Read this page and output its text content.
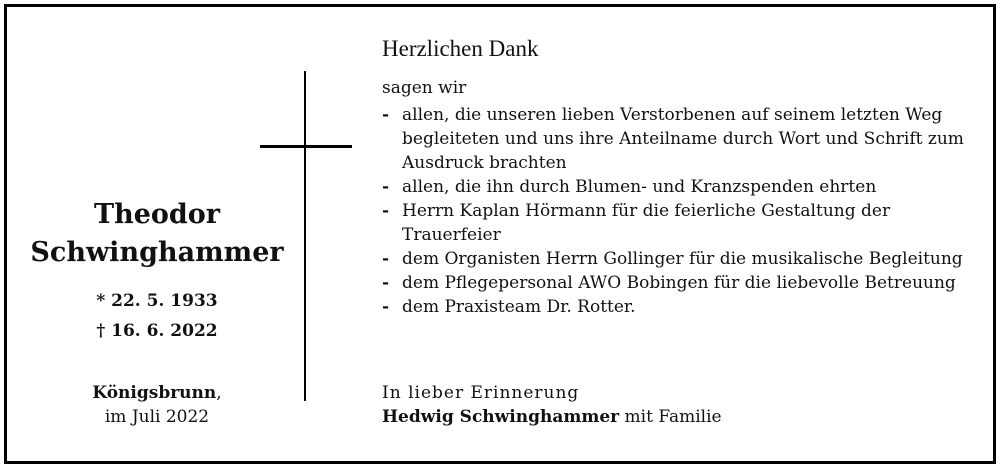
Theodor
Schwinghammer
* 22. 5. 1933
† 16. 6. 2022
Königsbrunn,
im Juli 2022
Herzlichen Dank
sagen wir
- allen, die unseren lieben Verstorbenen auf seinem letzten Weg begleiteten und uns ihre Anteilname durch Wort und Schrift zum Ausdruck brachten
- allen, die ihn durch Blumen- und Kranzspenden ehrten
- Herrn Kaplan Hörmann für die feierliche Gestaltung der Trauerfeier
- dem Organisten Herrn Gollinger für die musikalische Begleitung
- dem Pflegepersonal AWO Bobingen für die liebevolle Betreuung
- dem Praxisteam Dr. Rotter.
In lieber Erinnerung
Hedwig Schwinghammer mit Familie
